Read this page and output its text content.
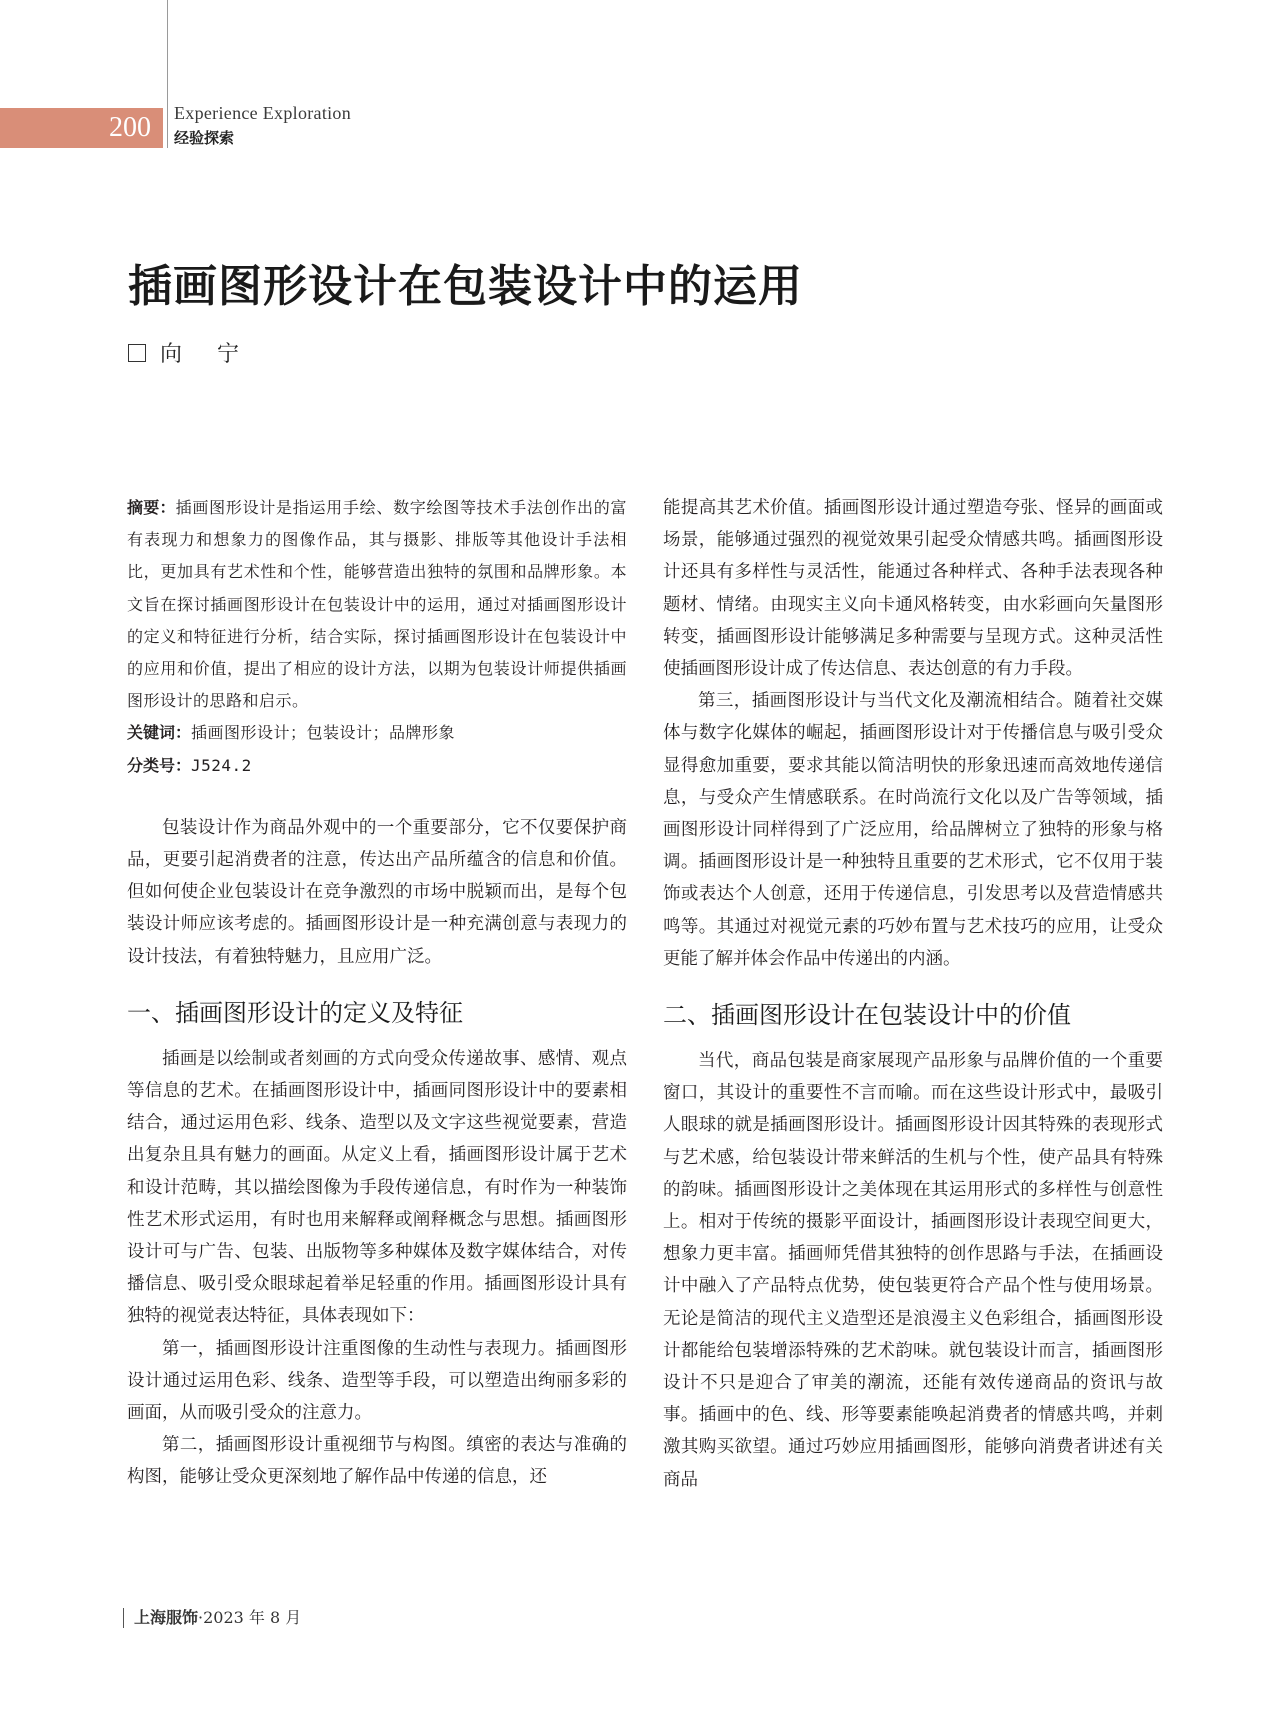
200	Experience Exploration
经验探索
插画图形设计在包装设计中的运用
向 宁

摘要：插画图形设计是指运用手绘、数字绘图等技术手法创作出的富有表现力和想象力的图像作品，其与摄影、排版等其他设计手法相比，更加具有艺术性和个性，能够营造出独特的氛围和品牌形象。本文旨在探讨插画图形设计在包装设计中的运用，通过对插画图形设计的定义和特征进行分析，结合实际，探讨插画图形设计在包装设计中的应用和价值，提出了相应的设计方法，以期为包装设计师提供插画图形设计的思路和启示。

关键词：插画图形设计；包装设计；品牌形象

分类号：J524.2

包装设计作为商品外观中的一个重要部分，它不仅要保护商品，更要引起消费者的注意，传达出产品所蕴含的信息和价值。但如何使企业包装设计在竞争激烈的市场中脱颖而出，是每个包装设计师应该考虑的。插画图形设计是一种充满创意与表现力的设计技法，有着独特魅力，且应用广泛。

一、插画图形设计的定义及特征

插画是以绘制或者刻画的方式向受众传递故事、感情、观点等信息的艺术。在插画图形设计中，插画同图形设计中的要素相结合，通过运用色彩、线条、造型以及文字这些视觉要素，营造出复杂且具有魅力的画面。从定义上看，插画图形设计属于艺术和设计范畴，其以描绘图像为手段传递信息，有时作为一种装饰性艺术形式运用，有时也用来解释或阐释概念与思想。插画图形设计可与广告、包装、出版物等多种媒体及数字媒体结合，对传播信息、吸引受众眼球起着举足轻重的作用。插画图形设计具有独特的视觉表达特征，具体表现如下：

第一，插画图形设计注重图像的生动性与表现力。插画图形设计通过运用色彩、线条、造型等手段，可以塑造出绚丽多彩的画面，从而吸引受众的注意力。

第二，插画图形设计重视细节与构图。缜密的表达与准确的构图，能够让受众更深刻地了解作品中传递的信息，还

能提高其艺术价值。插画图形设计通过塑造夸张、怪异的画面或场景，能够通过强烈的视觉效果引起受众情感共鸣。插画图形设计还具有多样性与灵活性，能通过各种样式、各种手法表现各种题材、情绪。由现实主义向卡通风格转变，由水彩画向矢量图形转变，插画图形设计能够满足多种需要与呈现方式。这种灵活性使插画图形设计成了传达信息、表达创意的有力手段。

第三，插画图形设计与当代文化及潮流相结合。随着社交媒体与数字化媒体的崛起，插画图形设计对于传播信息与吸引受众显得愈加重要，要求其能以简洁明快的形象迅速而高效地传递信息，与受众产生情感联系。在时尚流行文化以及广告等领域，插画图形设计同样得到了广泛应用，给品牌树立了独特的形象与格调。插画图形设计是一种独特且重要的艺术形式，它不仅用于装饰或表达个人创意，还用于传递信息，引发思考以及营造情感共鸣等。其通过对视觉元素的巧妙布置与艺术技巧的应用，让受众更能了解并体会作品中传递出的内涵。

二、插画图形设计在包装设计中的价值

当代，商品包装是商家展现产品形象与品牌价值的一个重要窗口，其设计的重要性不言而喻。而在这些设计形式中，最吸引人眼球的就是插画图形设计。插画图形设计因其特殊的表现形式与艺术感，给包装设计带来鲜活的生机与个性，使产品具有特殊的韵味。插画图形设计之美体现在其运用形式的多样性与创意性上。相对于传统的摄影平面设计，插画图形设计表现空间更大，想象力更丰富。插画师凭借其独特的创作思路与手法，在插画设计中融入了产品特点优势，使包装更符合产品个性与使用场景。无论是简洁的现代主义造型还是浪漫主义色彩组合，插画图形设计都能给包装增添特殊的艺术韵味。就包装设计而言，插画图形设计不只是迎合了审美的潮流，还能有效传递商品的资讯与故事。插画中的色、线、形等要素能唤起消费者的情感共鸣，并刺激其购买欲望。通过巧妙应用插画图形，能够向消费者讲述有关商品

上海服饰·2023 年 8 月
